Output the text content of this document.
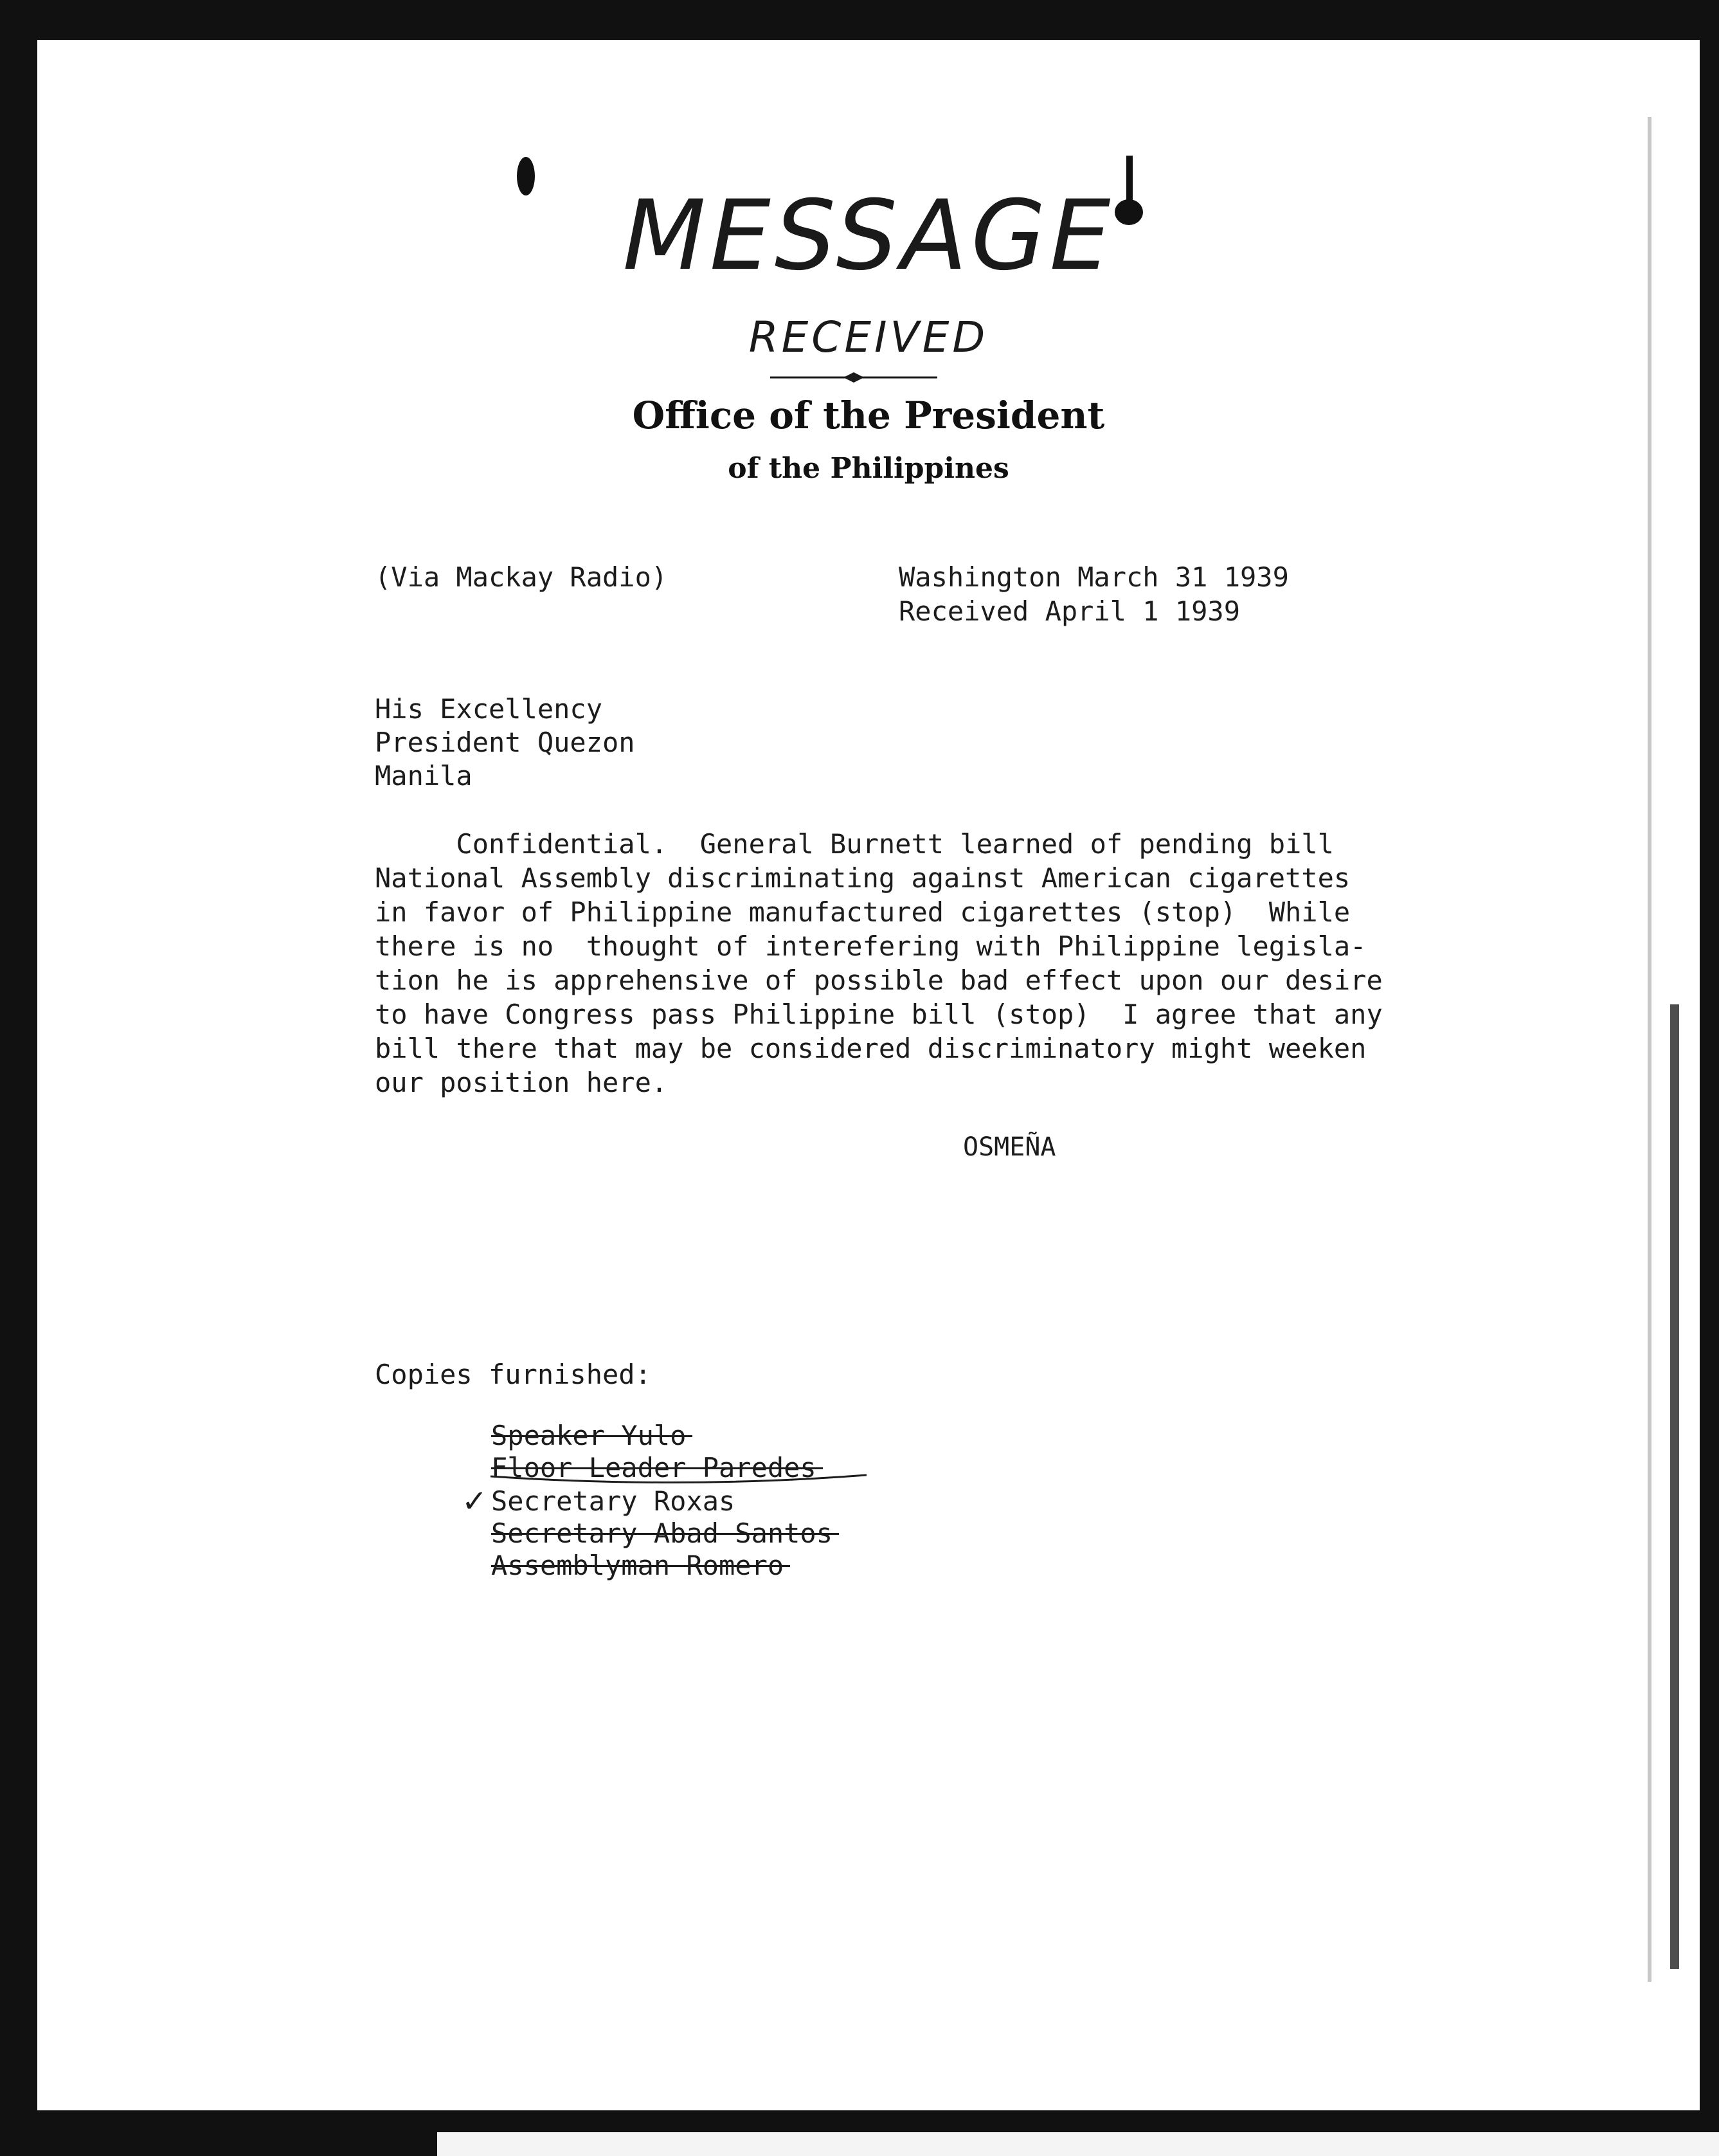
MESSAGE
RECEIVED
Office of the President
of the Philippines
(Via Mackay Radio)	Washington March 31 1939
Received April 1 1939
His Excellency
President Quezon
Manila
Confidential.  General Burnett learned of pending bill
National Assembly discriminating against American cigarettes
in favor of Philippine manufactured cigarettes (stop)  While
there is no  thought of interefering with Philippine legisla-
tion he is apprehensive of possible bad effect upon our desire
to have Congress pass Philippine bill (stop)  I agree that any
bill there that may be considered discriminatory might weeken
our position here.
OSMEÑA
Copies furnished:
Speaker Yulo
Floor Leader Paredes
✓ Secretary Roxas
Secretary Abad Santos
Assemblyman Romero
